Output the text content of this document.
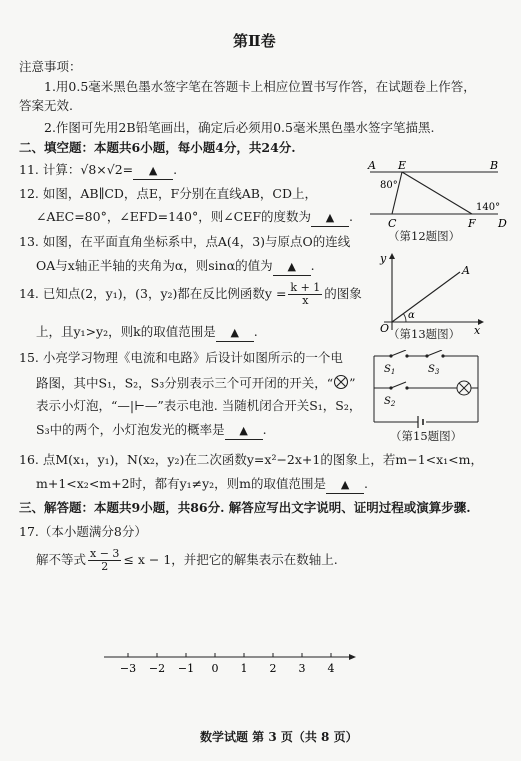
第Ⅱ卷
注意事项：
1.用0.5毫米黑色墨水签字笔在答题卡上相应位置书写作答，在试题卷上作答，
答案无效.
2.作图可先用2B铅笔画出，确定后必须用0.5毫米黑色墨水签字笔描黑.
二、填空题：本题共6小题，每小题4分，共24分.
11. 计算：√8×√2= ▲ .
12. 如图，AB∥CD，点E，F分别在直线AB，CD上，
∠AEC=80°，∠EFD=140°，则∠CEF的度数为 ▲ .
13. 如图，在平面直角坐标系中，点A(4，3)与原点O的连线
OA与x轴正半轴的夹角为α，则sinα的值为 ▲ .
14. 已知点(2，y₁)，(3，y₂)都在反比例函数$y = \frac{k + 1}{x}$ 的图象
上，且y₁>y₂，则k的取值范围是 ▲ .
15. 小亮学习物理《电流和电路》后设计如图所示的一个电
路图，其中S₁，S₂，S₃分别表示三个可开闭的开关，“ ”
表示小灯泡，“—|⊢—”表示电池. 当随机闭合开关S₁，S₂，
S₃中的两个，小灯泡发光的概率是 ▲ .
16. 点M(x₁，y₁)，N(x₂，y₂)在二次函数y=x²−2x+1的图象上，若m−1<x₁<m，
m+1<x₂<m+2时，都有y₁≠y₂，则m的取值范围是 ▲ .
三、解答题：本题共9小题，共86分. 解答应写出文字说明、证明过程或演算步骤.
17.（本小题满分8分）
解不等式 $\frac{x - 3}{2} \le x - 1$，并把它的解集表示在数轴上.
A E	B
C	F D
80°
140°
（第12题图）
y
x
O
A
α
（第13题图）
$S_1$
$S_2$
$S_3$
（第15题图）
−3 −2 −1 0 1 2 3 4
数学试题 第 3 页（共 8 页）
